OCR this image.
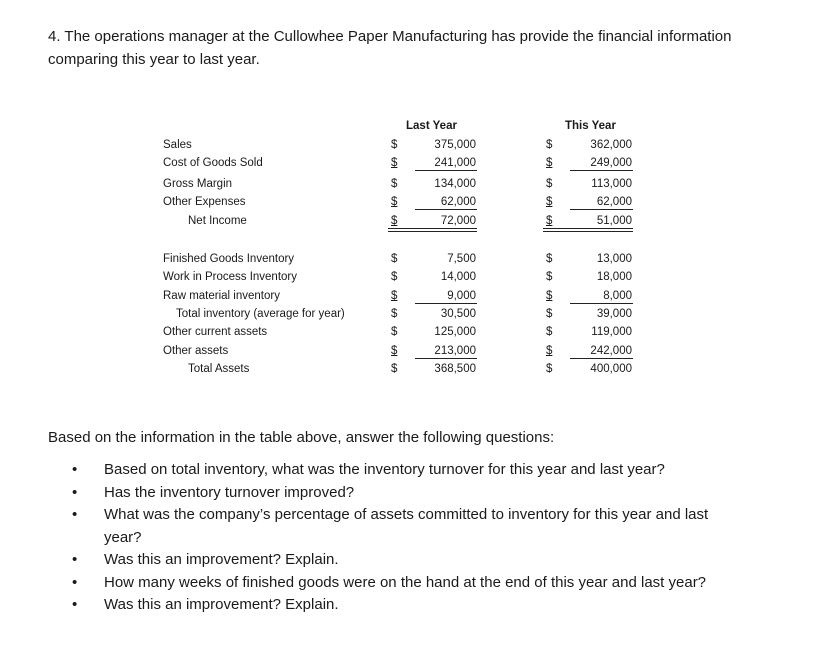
4. The operations manager at the Cullowhee Paper Manufacturing has provide the financial information
comparing this year to last year.
Last Year	This Year
Sales	$	375,000	$	362,000
Cost of Goods Sold	$	241,000	$	249,000
Gross Margin	$	134,000	$	113,000
Other Expenses	$	62,000	$	62,000
Net Income	$	72,000	$	51,000
Finished Goods Inventory	$	7,500	$	13,000
Work in Process Inventory	$	14,000	$	18,000
Raw material inventory	$	9,000	$	8,000
Total inventory (average for year)	$	30,500	$	39,000
Other current assets	$	125,000	$	119,000
Other assets	$	213,000	$	242,000
Total Assets	$	368,500	$	400,000
Based on the information in the table above, answer the following questions:
• Based on total inventory, what was the inventory turnover for this year and last year?
• Has the inventory turnover improved?
• What was the company’s percentage of assets committed to inventory for this year and last year?
• Was this an improvement? Explain.
• How many weeks of finished goods were on the hand at the end of this year and last year?
• Was this an improvement? Explain.
